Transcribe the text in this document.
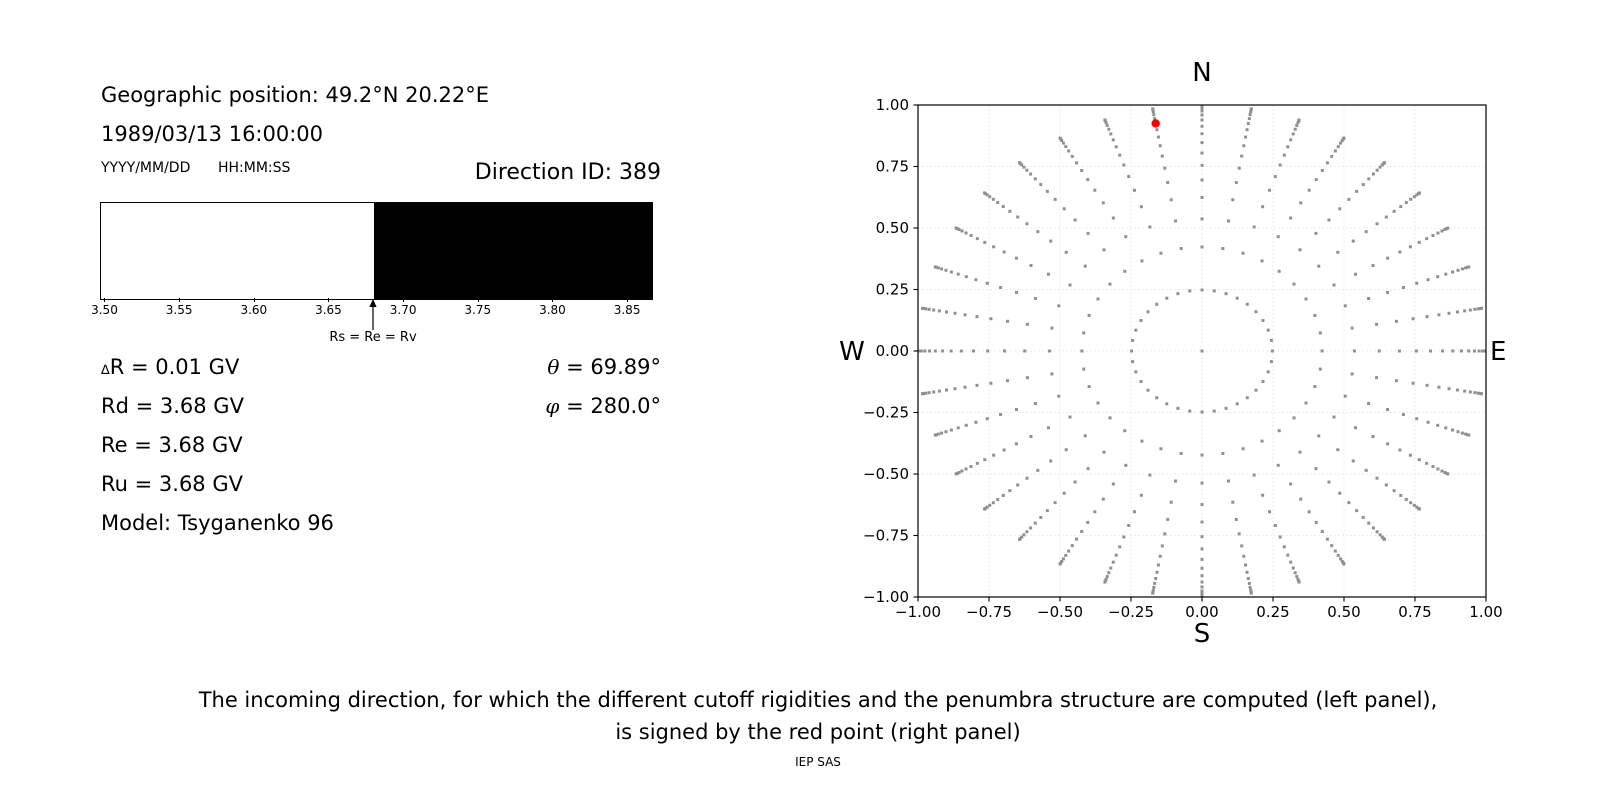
Geographic position: 49.2°N 20.22°E
1989/03/13 16:00:00
YYYY/MM/DD HH:MM:SS	Direction ID: 389
3.50	3.55	3.60	3.65	3.70	3.75	3.80	3.85
Rs = Re = Rv
∆R = 0.01 GV
Rd = 3.68 GV
Re = 3.68 GV
Ru = 3.68 GV
Model: Tsyganenko 96
θ = 69.89°
φ = 280.0°
−1.00
1.00
−0.75
0.75
−0.50
0.50
−0.25
0.25
0.00
0.00
0.25
−0.25
0.50
−0.50
0.75
−0.75
1.00
−1.00
N
S
W	E
The incoming direction, for which the different cutoff rigidities and the penumbra structure are computed (left panel),
is signed by the red point (right panel)
IEP SAS
